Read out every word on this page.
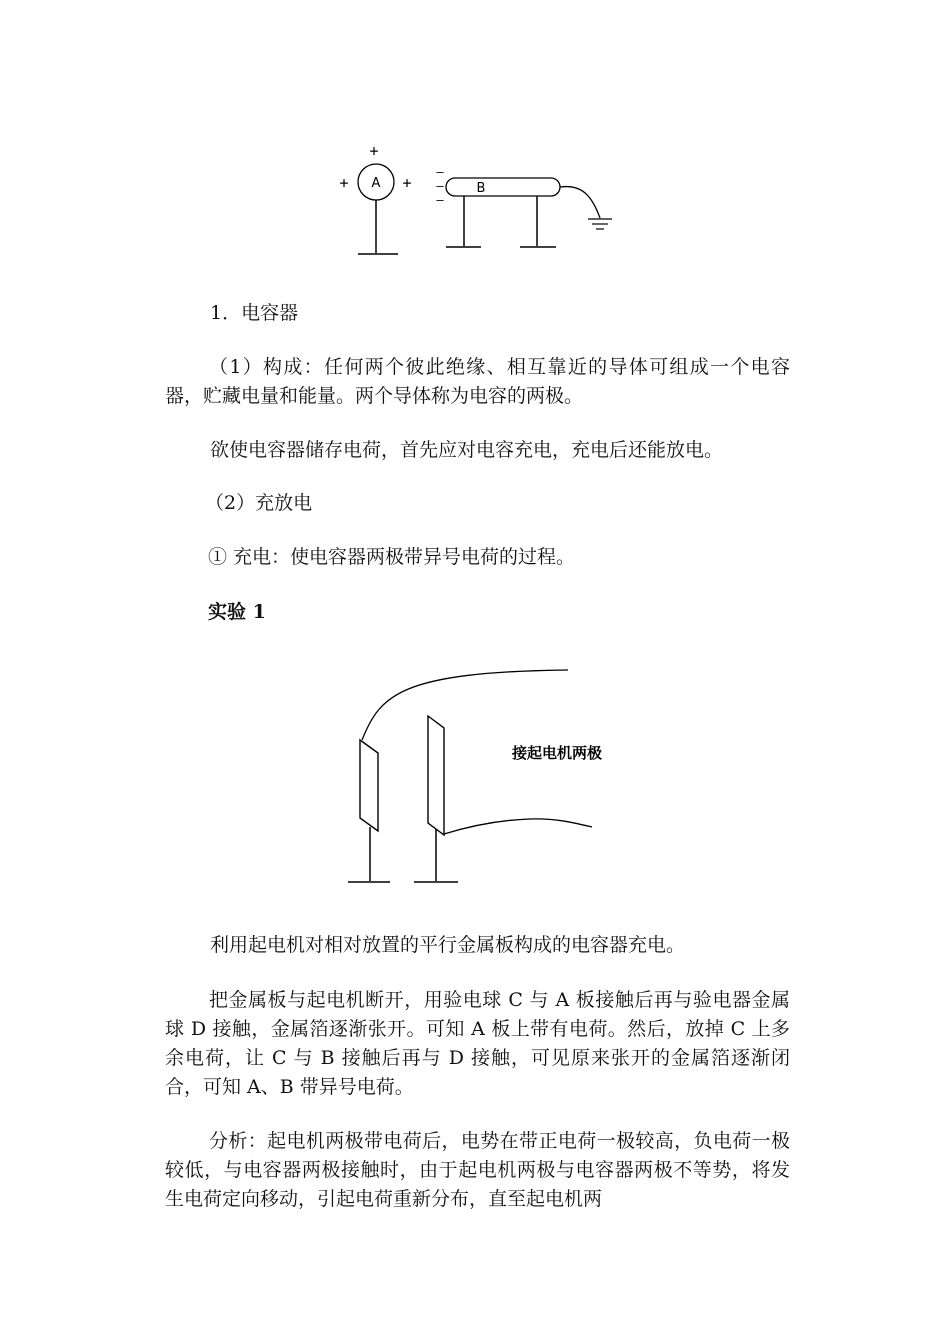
A
+
+	+	B
–
–
–

1．电容器

（1）构成：任何两个彼此绝缘、相互靠近的导体可组成一个电容器，贮藏电量和能量。两个导体称为电容的两极。

欲使电容器储存电荷，首先应对电容充电，充电后还能放电。

（2）充放电

① 充电：使电容器两极带异号电荷的过程。

实验 1

接起电机两极

利用起电机对相对放置的平行金属板构成的电容器充电。

把金属板与起电机断开，用验电球 C 与 A 板接触后再与验电器金属球 D 接触，金属箔逐渐张开。可知 A 板上带有电荷。然后，放掉 C 上多余电荷，让 C 与 B 接触后再与 D 接触，可见原来张开的金属箔逐渐闭合，可知 A、B 带异号电荷。

分析：起电机两极带电荷后，电势在带正电荷一极较高，负电荷一极较低，与电容器两极接触时，由于起电机两极与电容器两极不等势，将发生电荷定向移动，引起电荷重新分布，直至起电机两
